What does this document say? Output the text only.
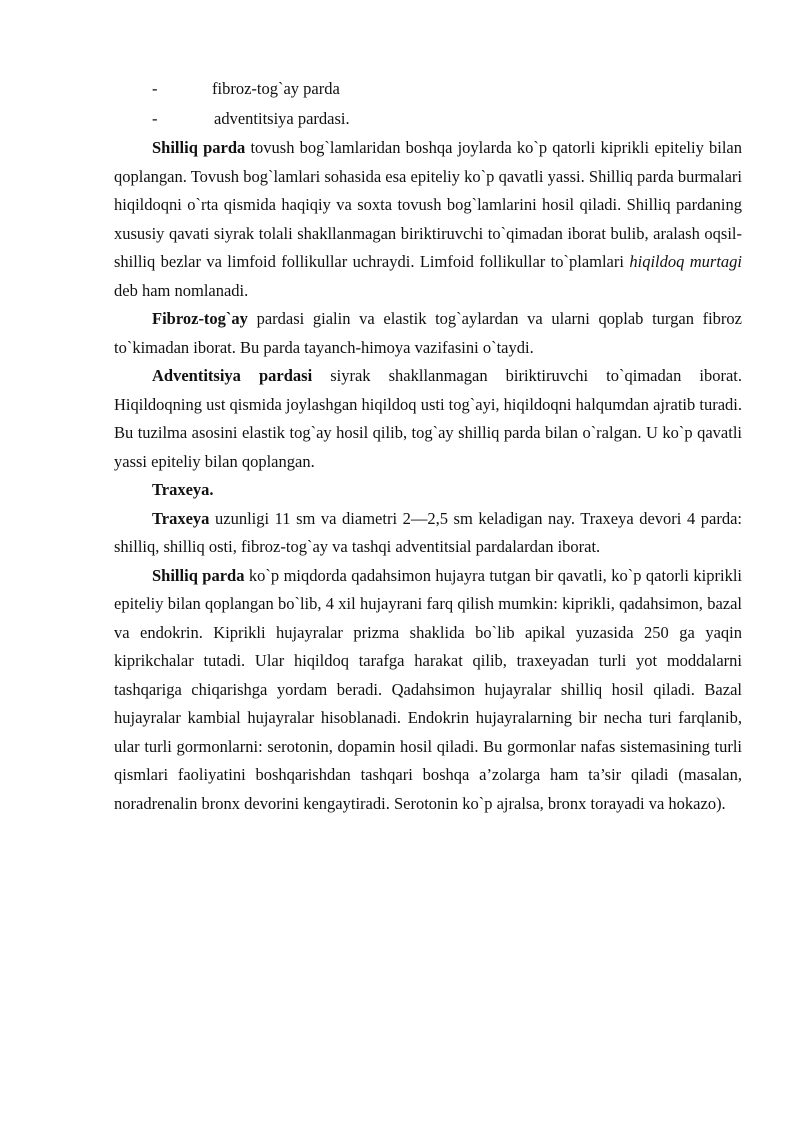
-	fibroz-tog`ay parda
-	adventitsiya pardasi.

Shilliq parda tovush bog`lamlaridan boshqa joylarda ko`p qatorli kiprikli epiteliy bilan qoplangan. Tovush bog`lamlari sohasida esa epiteliy ko`p qavatli yassi. Shilliq parda burmalari hiqildoqni o`rta qismida haqiqiy va soxta tovush bog`lamlarini hosil qiladi. Shilliq pardaning xususiy qavati siyrak tolali shakllanmagan biriktiruvchi to`qimadan iborat bulib, aralash oqsil-shilliq bezlar va limfoid follikullar uchraydi. Limfoid follikullar to`plamlari hiqildoq murtagi deb ham nomlanadi.

Fibroz-tog`ay pardasi gialin va elastik tog`aylardan va ularni qoplab turgan fibroz to`kimadan iborat. Bu parda tayanch-himoya vazifasini o`taydi.

Adventitsiya pardasi siyrak shakllanmagan biriktiruvchi to`qimadan iborat. Hiqildoqning ust qismida joylashgan hiqildoq usti tog`ayi, hiqildoqni halqumdan ajratib turadi. Bu tuzilma asosini elastik tog`ay hosil qilib, tog`ay shilliq parda bilan o`ralgan. U ko`p qavatli yassi epiteliy bilan qoplangan.

Traxeya.

Traxeya uzunligi 11 sm va diametri 2—2,5 sm keladigan nay. Traxeya devori 4 parda: shilliq, shilliq osti, fibroz-tog`ay va tashqi adventitsial pardalardan iborat.

Shilliq parda ko`p miqdorda qadahsimon hujayra tutgan bir qavatli, ko`p qatorli kiprikli epiteliy bilan qoplangan bo`lib, 4 xil hujayrani farq qilish mumkin: kiprikli, qadahsimon, bazal va endokrin. Kiprikli hujayralar prizma shaklida bo`lib apikal yuzasida 250 ga yaqin kiprikchalar tutadi. Ular hiqildoq tarafga harakat qilib, traxeyadan turli yot moddalarni tashqariga chiqarishga yordam beradi. Qadahsimon hujayralar shilliq hosil qiladi. Bazal hujayralar kambial hujayralar hisoblanadi. Endokrin hujayralarning bir necha turi farqlanib, ular turli gormonlarni: serotonin, dopamin hosil qiladi. Bu gormonlar nafas sistemasining turli qismlari faoliyatini boshqarishdan tashqari boshqa a’zolarga ham ta’sir qiladi (masalan, noradrenalin bronx devorini kengaytiradi. Serotonin ko`p ajralsa, bronx torayadi va hokazo).
